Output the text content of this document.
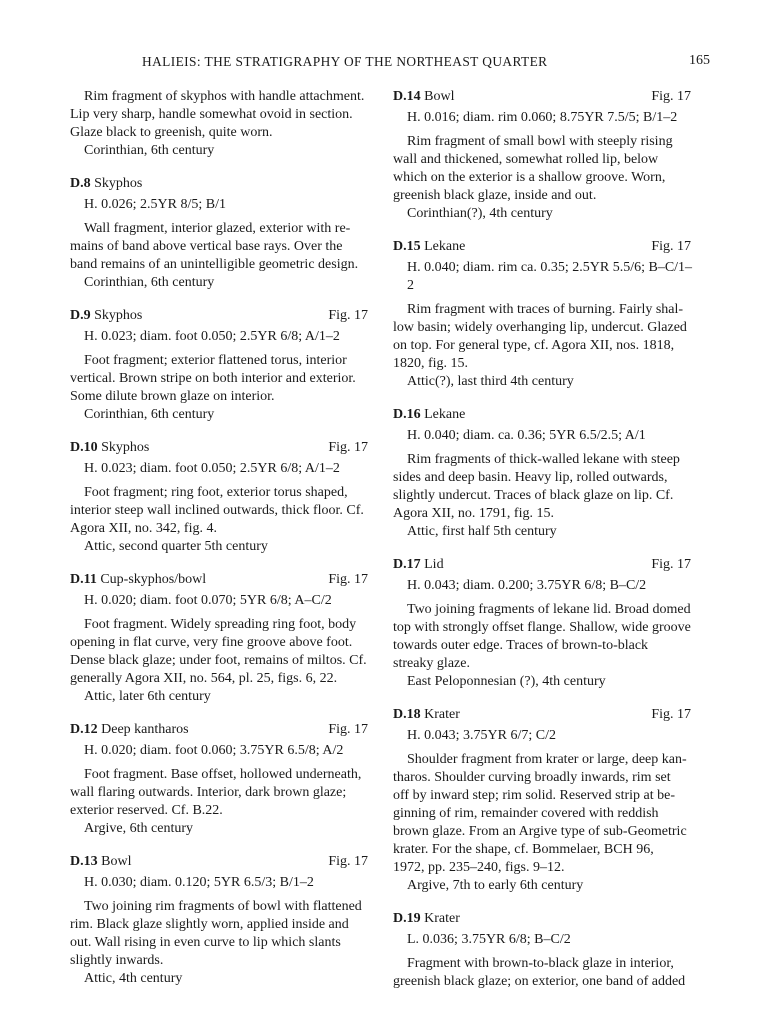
HALIEIS: THE STRATIGRAPHY OF THE NORTHEAST QUARTER	165

Rim fragment of skyphos with handle attachment.

Lip very sharp, handle somewhat ovoid in section.

Glaze black to greenish, quite worn.

Corinthian, 6th century

D.8 Skyphos

H. 0.026; 2.5YR 8/5; B/1

Wall fragment, interior glazed, exterior with re-

mains of band above vertical base rays. Over the

band remains of an unintelligible geometric design.

Corinthian, 6th century

D.9 Skyphos	Fig. 17

H. 0.023; diam. foot 0.050; 2.5YR 6/8; A/1–2

Foot fragment; exterior flattened torus, interior

vertical. Brown stripe on both interior and exterior.

Some dilute brown glaze on interior.

Corinthian, 6th century

D.10 Skyphos	Fig. 17

H. 0.023; diam. foot 0.050; 2.5YR 6/8; A/1–2

Foot fragment; ring foot, exterior torus shaped,

interior steep wall inclined outwards, thick floor. Cf.

Agora XII, no. 342, fig. 4.

Attic, second quarter 5th century

D.11 Cup-skyphos/bowl	Fig. 17

H. 0.020; diam. foot 0.070; 5YR 6/8; A–C/2

Foot fragment. Widely spreading ring foot, body

opening in flat curve, very fine groove above foot.

Dense black glaze; under foot, remains of miltos. Cf.

generally Agora XII, no. 564, pl. 25, figs. 6, 22.

Attic, later 6th century

D.12 Deep kantharos	Fig. 17

H. 0.020; diam. foot 0.060; 3.75YR 6.5/8; A/2

Foot fragment. Base offset, hollowed underneath,

wall flaring outwards. Interior, dark brown glaze;

exterior reserved. Cf. B.22.

Argive, 6th century

D.13 Bowl	Fig. 17

H. 0.030; diam. 0.120; 5YR 6.5/3; B/1–2

Two joining rim fragments of bowl with flattened

rim. Black glaze slightly worn, applied inside and

out. Wall rising in even curve to lip which slants

slightly inwards.

Attic, 4th century

D.14 Bowl	Fig. 17

H. 0.016; diam. rim 0.060; 8.75YR 7.5/5; B/1–2

Rim fragment of small bowl with steeply rising

wall and thickened, somewhat rolled lip, below

which on the exterior is a shallow groove. Worn,

greenish black glaze, inside and out.

Corinthian(?), 4th century

D.15 Lekane	Fig. 17

H. 0.040; diam. rim ca. 0.35; 2.5YR 5.5/6; B–C/1–2

Rim fragment with traces of burning. Fairly shal-

low basin; widely overhanging lip, undercut. Glazed

on top. For general type, cf. Agora XII, nos. 1818,

1820, fig. 15.

Attic(?), last third 4th century

D.16 Lekane

H. 0.040; diam. ca. 0.36; 5YR 6.5/2.5; A/1

Rim fragments of thick-walled lekane with steep

sides and deep basin. Heavy lip, rolled outwards,

slightly undercut. Traces of black glaze on lip. Cf.

Agora XII, no. 1791, fig. 15.

Attic, first half 5th century

D.17 Lid	Fig. 17

H. 0.043; diam. 0.200; 3.75YR 6/8; B–C/2

Two joining fragments of lekane lid. Broad domed

top with strongly offset flange. Shallow, wide groove

towards outer edge. Traces of brown-to-black

streaky glaze.

East Peloponnesian (?), 4th century

D.18 Krater	Fig. 17

H. 0.043; 3.75YR 6/7; C/2

Shoulder fragment from krater or large, deep kan-

tharos. Shoulder curving broadly inwards, rim set

off by inward step; rim solid. Reserved strip at be-

ginning of rim, remainder covered with reddish

brown glaze. From an Argive type of sub-Geometric

krater. For the shape, cf. Bommelaer, BCH 96,

1972, pp. 235–240, figs. 9–12.

Argive, 7th to early 6th century

D.19 Krater

L. 0.036; 3.75YR 6/8; B–C/2

Fragment with brown-to-black glaze in interior,

greenish black glaze; on exterior, one band of added
